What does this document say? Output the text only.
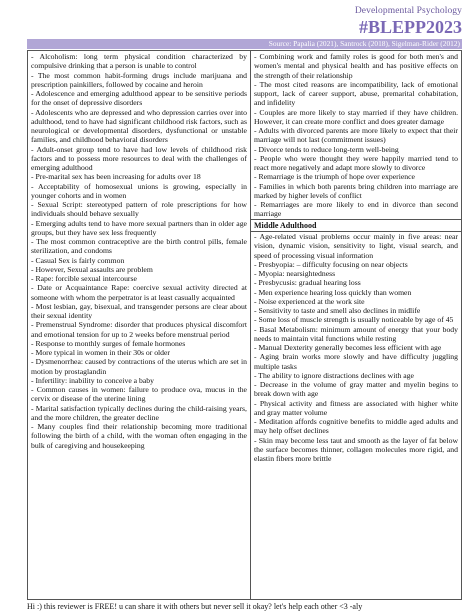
Developmental Psychology
#BLEPP2023
Source: Papalia (2021), Santrock (2018), Sigelman-Rider (2012)

- Alcoholism: long term physical condition characterized by compulsive drinking that a person is unable to control

- The most common habit-forming drugs include marijuana and prescription painkillers, followed by cocaine and heroin

- Adolescence and emerging adulthood appear to be sensitive periods for the onset of depressive disorders

- Adolescents who are depressed and who depression carries over into adulthood, tend to have had significant childhood risk factors, such as neurological or developmental disorders, dysfunctional or unstable families, and childhood behavioral disorders

- Adult-onset group tend to have had low levels of childhood risk factors and to possess more resources to deal with the challenges of emerging adulthood

- Pre-marital sex has been increasing for adults over 18

- Acceptability of homosexual unions is growing, especially in younger cohorts and in women

- Sexual Script: stereotyped pattern of role prescriptions for how individuals should behave sexually

- Emerging adults tend to have more sexual partners than in older age groups, but they have sex less frequently

- The most common contraceptive are the birth control pills, female sterilization, and condoms

- Casual Sex is fairly common

- However, Sexual assaults are problem

- Rape: forcible sexual intercourse

- Date or Acquaintance Rape: coercive sexual activity directed at someone with whom the perpetrator is at least casually acquainted

- Most lesbian, gay, bisexual, and transgender persons are clear about their sexual identity

- Premenstrual Syndrome: disorder that produces physical discomfort and emotional tension for up to 2 weeks before menstrual period

- Response to monthly surges of female hormones

- More typical in women in their 30s or older

- Dysmenorrhea: caused by contractions of the uterus which are set in motion by prostaglandin

- Infertility: inability to conceive a baby

- Common causes in women: failure to produce ova, mucus in the cervix or disease of the uterine lining

- Marital satisfaction typically declines during the child-raising years, and the more children, the greater decline

- Many couples find their relationship becoming more traditional following the birth of a child, with the woman often engaging in the bulk of caregiving and housekeeping

- Combining work and family roles is good for both men's and women's mental and physical health and has positive effects on the strength of their relationship

- The most cited reasons are incompatibility, lack of emotional support, lack of career support, abuse, premarital cohabitation, and infidelity

- Couples are more likely to stay married if they have children. However, it can create more conflict and does greater damage

- Adults with divorced parents are more likely to expect that their marriage will not last (commitment issues)

- Divorce tends to reduce long-term well-being

- People who were thought they were happily married tend to react more negatively and adapt more slowly to divorce

- Remarriage is the triumph of hope over experience

- Families in which both parents bring children into marriage are marked by higher levels of conflict

- Remarriages are more likely to end in divorce than second marriage

Middle Adulthood

- Age-related visual problems occur mainly in five areas: near vision, dynamic vision, sensitivity to light, visual search, and speed of processing visual information

- Presbyopia: – difficulty focusing on near objects

- Myopia: nearsightedness

- Presbycusis: gradual hearing loss

- Men experience hearing loss quickly than women

- Noise experienced at the work site

- Sensitivity to taste and smell also declines in midlife

- Some loss of muscle strength is usually noticeable by age of 45

- Basal Metabolism: minimum amount of energy that your body needs to maintain vital functions while resting

- Manual Dexterity generally becomes less efficient with age

- Aging brain works more slowly and have difficulty juggling multiple tasks

- The ability to ignore distractions declines with age

- Decrease in the volume of gray matter and myelin begins to break down with age

- Physical activity and fitness are associated with higher white and gray matter volume

- Meditation affords cognitive benefits to middle aged adults and may help offset declines

- Skin may become less taut and smooth as the layer of fat below the surface becomes thinner, collagen molecules more rigid, and elastin fibers more brittle

Hi :) this reviewer is FREE! u can share it with others but never sell it okay? let's help each other <3 -aly
